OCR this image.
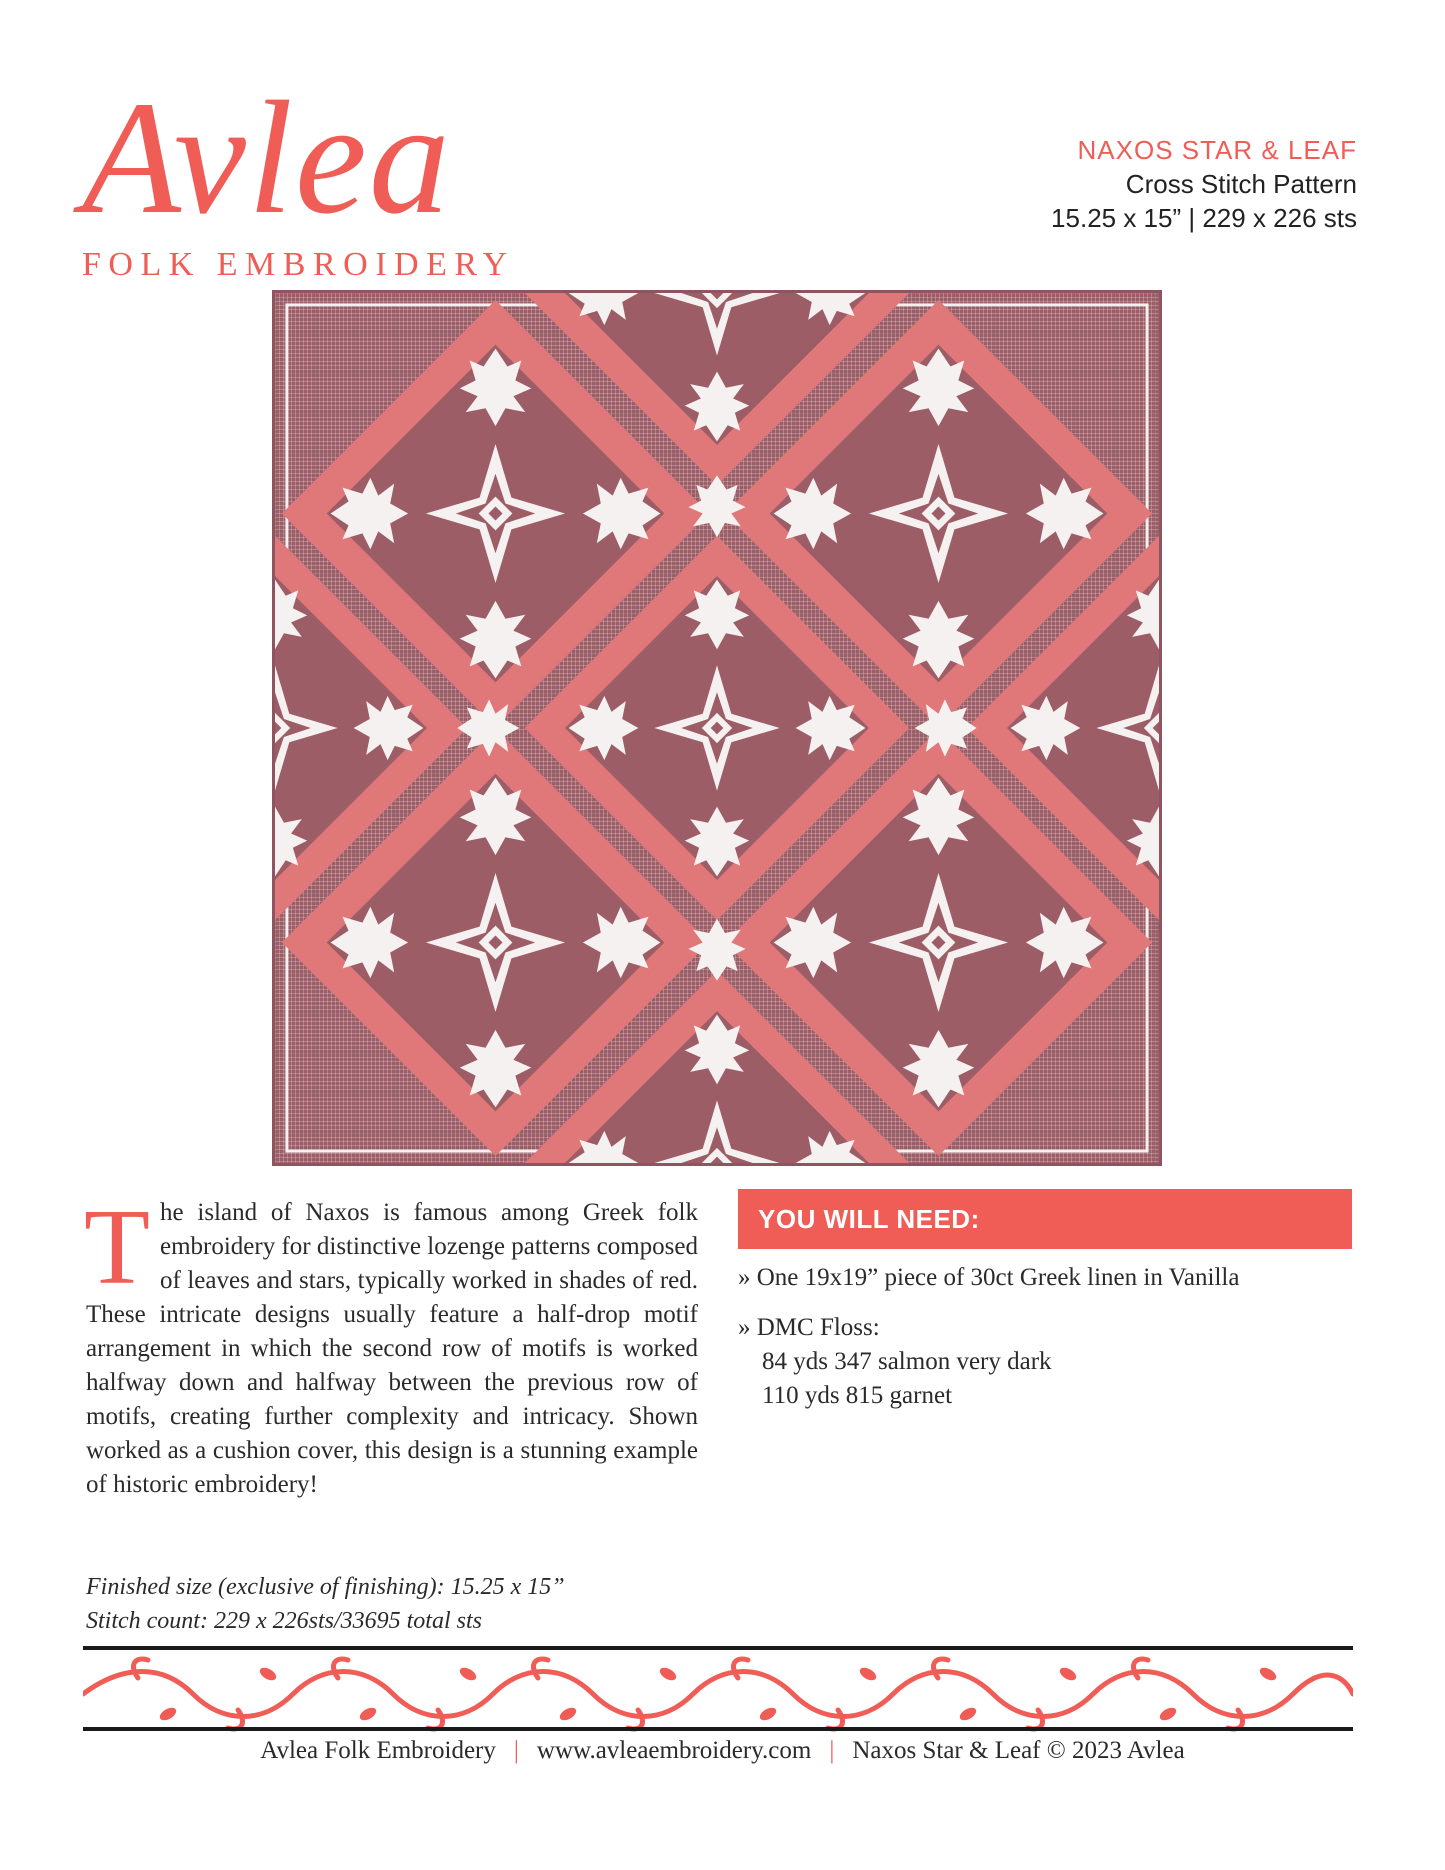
Avlea
FOLK EMBROIDERY
NAXOS STAR & LEAF
Cross Stitch Pattern
15.25 x 15” | 229 x 226 sts
T he island of Naxos is famous among Greek folk embroidery for distinctive lozenge patterns composed of leaves and stars, typically worked in shades of red. These intricate designs usually feature a half-drop motif arrangement in which the second row of motifs is worked halfway down and halfway between the previous row of motifs, creating further complexity and intricacy. Shown worked as a cushion cover, this design is a stunning example of historic embroidery!
Finished size (exclusive of finishing): 15.25 x 15”
Stitch count: 229 x 226sts/33695 total sts
YOU WILL NEED:
» One 19x19” piece of 30ct Greek linen in Vanilla
» DMC Floss:
84 yds 347 salmon very dark
110 yds 815 garnet
Avlea Folk Embroidery | www.avleaembroidery.com | Naxos Star & Leaf © 2023 Avlea
